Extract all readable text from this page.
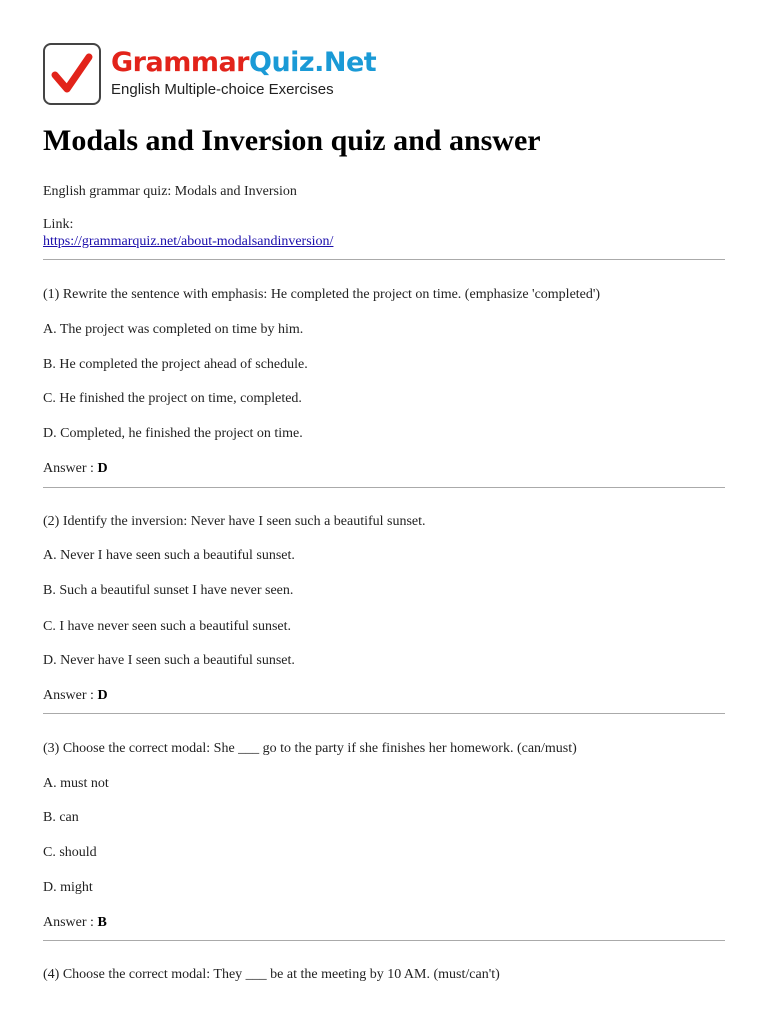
GrammarQuiz.Net
English Multiple-choice Exercises
Modals and Inversion quiz and answer
English grammar quiz: Modals and Inversion
Link:
https://grammarquiz.net/about-modalsandinversion/
(1) Rewrite the sentence with emphasis: He completed the project on time. (emphasize 'completed')
A. The project was completed on time by him.
B. He completed the project ahead of schedule.
C. He finished the project on time, completed.
D. Completed, he finished the project on time.
Answer : D
(2) Identify the inversion: Never have I seen such a beautiful sunset.
A. Never I have seen such a beautiful sunset.
B. Such a beautiful sunset I have never seen.
C. I have never seen such a beautiful sunset.
D. Never have I seen such a beautiful sunset.
Answer : D
(3) Choose the correct modal: She ___ go to the party if she finishes her homework. (can/must)
A. must not
B. can
C. should
D. might
Answer : B
(4) Choose the correct modal: They ___ be at the meeting by 10 AM. (must/can't)
